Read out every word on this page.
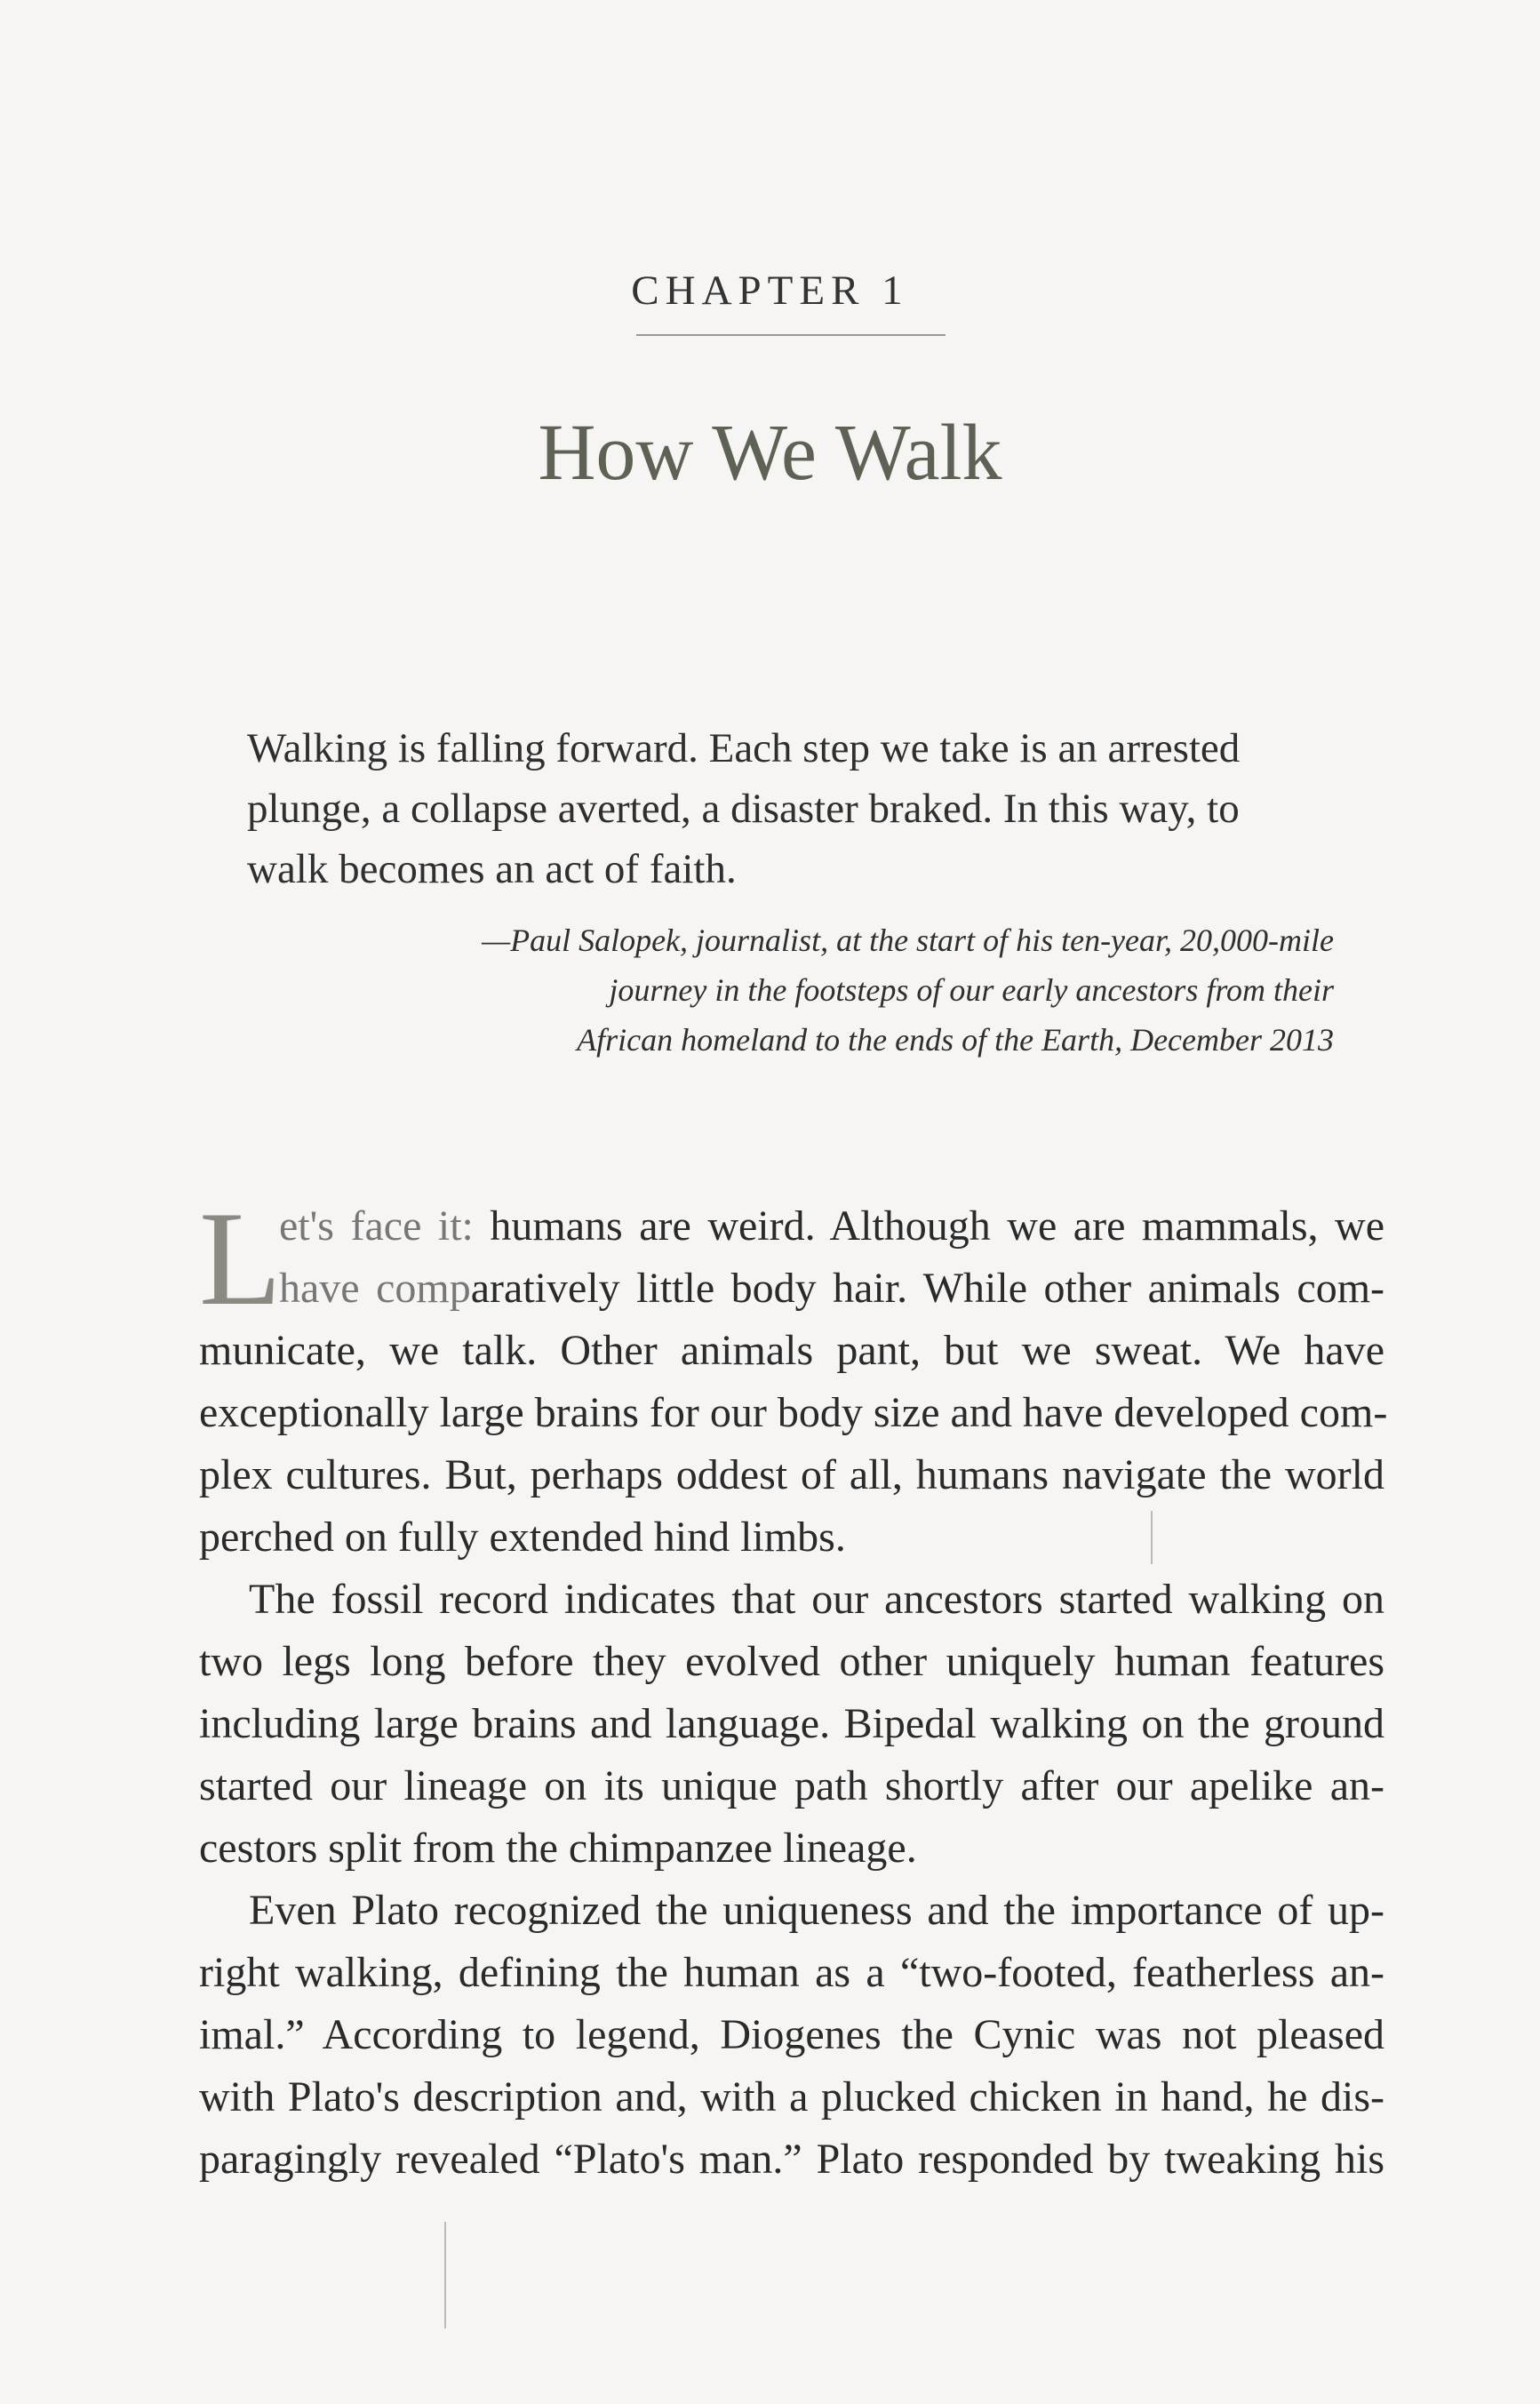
CHAPTER 1
How We Walk
Walking is falling forward. Each step we take is an arrested
plunge, a collapse averted, a disaster braked. In this way, to
walk becomes an act of faith.
—Paul Salopek, journalist, at the start of his ten-year, 20,000-mile
journey in the footsteps of our early ancestors from their
African homeland to the ends of the Earth, December 2013
L
et's face it: humans are weird. Although we are mammals, we
have comparatively little body hair. While other animals com-
municate, we talk. Other animals pant, but we sweat. We have
exceptionally large brains for our body size and have developed com-
plex cultures. But, perhaps oddest of all, humans navigate the world
perched on fully extended hind limbs.
The fossil record indicates that our ancestors started walking on
two legs long before they evolved other uniquely human features
including large brains and language. Bipedal walking on the ground
started our lineage on its unique path shortly after our apelike an-
cestors split from the chimpanzee lineage.
Even Plato recognized the uniqueness and the importance of up-
right walking, defining the human as a “two-footed, featherless an-
imal.” According to legend, Diogenes the Cynic was not pleased
with Plato's description and, with a plucked chicken in hand, he dis-
paragingly revealed “Plato's man.” Plato responded by tweaking his
